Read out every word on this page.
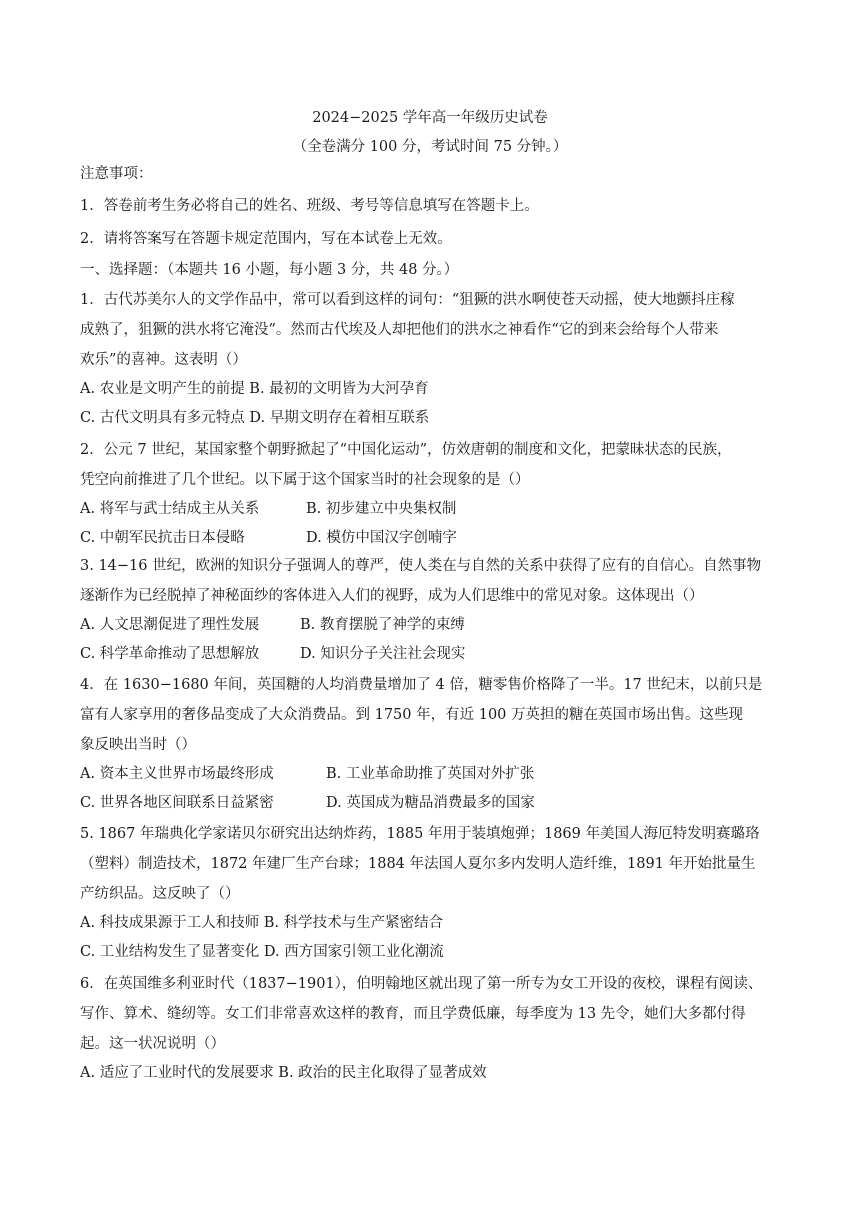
2024−2025 学年高一年级历史试卷
（全卷满分 100 分，考试时间 75 分钟。）
注意事项：
1．答卷前考生务必将自己的姓名、班级、考号等信息填写在答题卡上。
2．请将答案写在答题卡规定范围内，写在本试卷上无效。
一、选择题：（本题共 16 小题，每小题 3 分，共 48 分。）
1．古代苏美尔人的文学作品中，常可以看到这样的词句：“狙獗的洪水啊使苍天动摇，使大地颤抖庄稼
成熟了，狙獗的洪水将它淹没”。然而古代埃及人却把他们的洪水之神看作“它的到来会给每个人带来
欢乐”的喜神。这表明（）
A. 农业是文明产生的前提 B. 最初的文明皆为大河孕育
C. 古代文明具有多元特点 D. 早期文明存在着相互联系
2．公元 7 世纪，某国家整个朝野掀起了“中国化运动”，仿效唐朝的制度和文化，把蒙昧状态的民族，
凭空向前推进了几个世纪。以下属于这个国家当时的社会现象的是（）
A. 将军与武士结成主从关系	B. 初步建立中央集权制
C. 中朝军民抗击日本侵略	D. 模仿中国汉字创喃字
3. 14−16 世纪，欧洲的知识分子强调人的尊严，使人类在与自然的关系中获得了应有的自信心。自然事物
逐渐作为已经脱掉了神秘面纱的客体进入人们的视野，成为人们思维中的常见对象。这体现出（）
A. 人文思潮促进了理性发展	B. 教育摆脱了神学的束缚
C. 科学革命推动了思想解放	D. 知识分子关注社会现实
4．在 1630−1680 年间，英国糖的人均消费量增加了 4 倍，糖零售价格降了一半。17 世纪末，以前只是
富有人家享用的奢侈品变成了大众消费品。到 1750 年，有近 100 万英担的糖在英国市场出售。这些现
象反映出当时（）
A. 资本主义世界市场最终形成	B. 工业革命助推了英国对外扩张
C. 世界各地区间联系日益紧密	D. 英国成为糖品消费最多的国家
5. 1867 年瑞典化学家诺贝尔研究出达纳炸药，1885 年用于装填炮弹；1869 年美国人海厄特发明赛璐珞
（塑料）制造技术，1872 年建厂生产台球；1884 年法国人夏尔多内发明人造纤维，1891 年开始批量生
产纺织品。这反映了（）
A. 科技成果源于工人和技师 B. 科学技术与生产紧密结合
C. 工业结构发生了显著变化 D. 西方国家引领工业化潮流
6．在英国维多利亚时代（1837−1901），伯明翰地区就出现了第一所专为女工开设的夜校，课程有阅读、
写作、算术、缝纫等。女工们非常喜欢这样的教育，而且学费低廉，每季度为 13 先令，她们大多都付得
起。这一状况说明（）
A. 适应了工业时代的发展要求 B. 政治的民主化取得了显著成效
